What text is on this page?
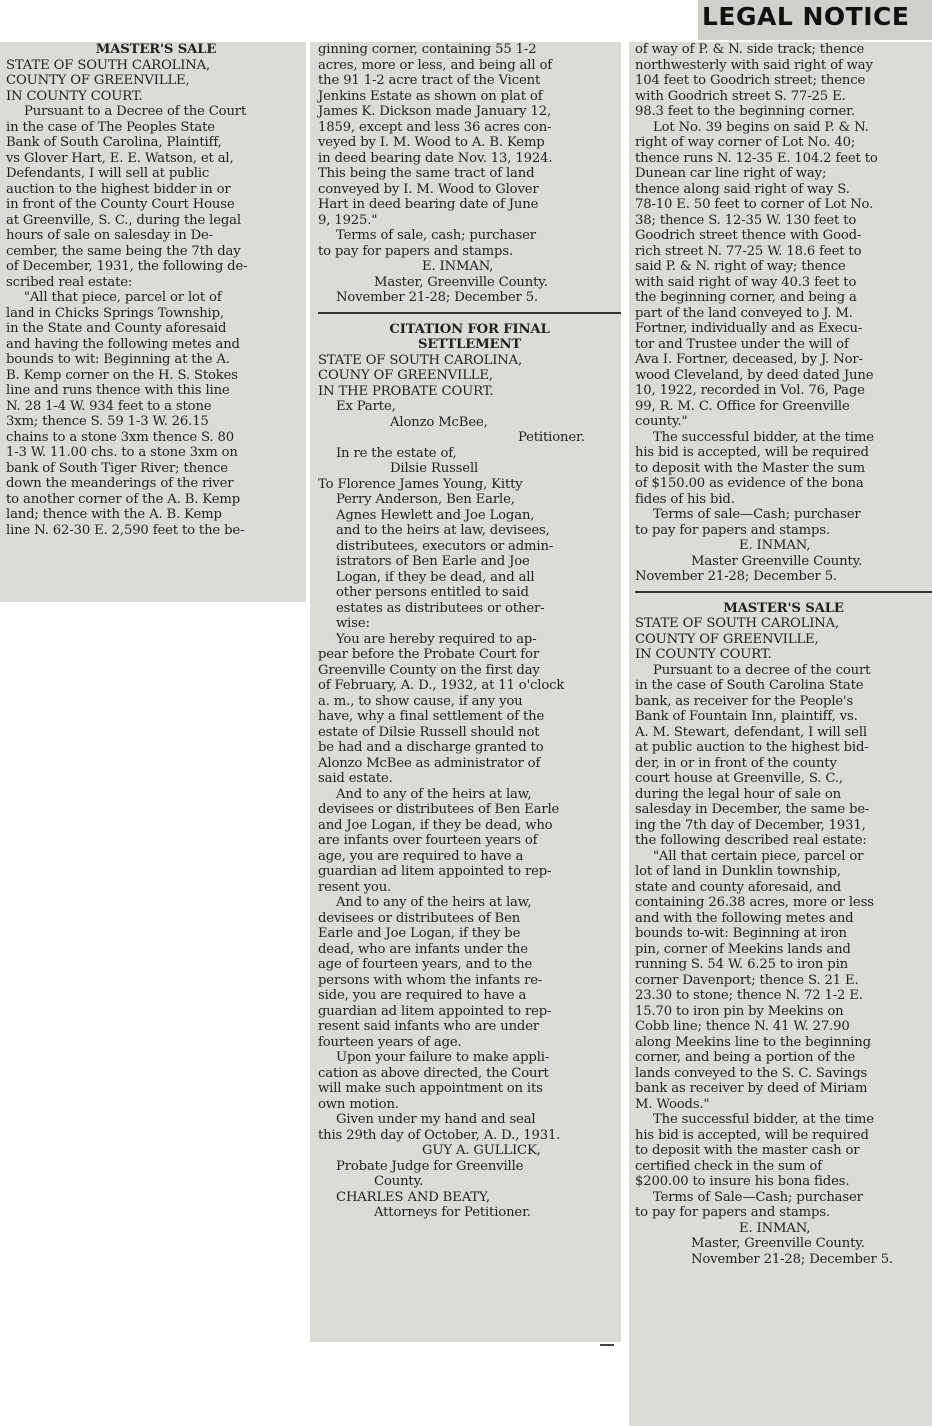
LEGAL NOTICE

MASTER'S SALE

STATE OF SOUTH CAROLINA,

COUNTY OF GREENVILLE,

IN COUNTY COURT.

Pursuant to a Decree of the Court

in the case of The Peoples State

Bank of South Carolina, Plaintiff,

vs Glover Hart, E. E. Watson, et al,

Defendants, I will sell at public

auction to the highest bidder in or

in front of the County Court House

at Greenville, S. C., during the legal

hours of sale on salesday in De-

cember, the same being the 7th day

of December, 1931, the following de-

scribed real estate:

"All that piece, parcel or lot of

land in Chicks Springs Township,

in the State and County aforesaid

and having the following metes and

bounds to wit: Beginning at the A.

B. Kemp corner on the H. S. Stokes

line and runs thence with this line

N. 28 1-4 W. 934 feet to a stone

3xm; thence S. 59 1-3 W. 26.15

chains to a stone 3xm thence S. 80

1-3 W. 11.00 chs. to a stone 3xm on

bank of South Tiger River; thence

down the meanderings of the river

to another corner of the A. B. Kemp

land; thence with the A. B. Kemp

line N. 62-30 E. 2,590 feet to the be-

ginning corner, containing 55 1-2

acres, more or less, and being all of

the 91 1-2 acre tract of the Vicent

Jenkins Estate as shown on plat of

James K. Dickson made January 12,

1859, except and less 36 acres con-

veyed by I. M. Wood to A. B. Kemp

in deed bearing date Nov. 13, 1924.

This being the same tract of land

conveyed by I. M. Wood to Glover

Hart in deed bearing date of June

9, 1925."

Terms of sale, cash; purchaser

to pay for papers and stamps.

E. INMAN,

Master, Greenville County.

November 21-28; December 5.

CITATION FOR FINAL

SETTLEMENT

STATE OF SOUTH CAROLINA,

COUNY OF GREENVILLE,

IN THE PROBATE COURT.

Ex Parte,

Alonzo McBee,

Petitioner.

In re the estate of,

Dilsie Russell

To Florence James Young, Kitty

Perry Anderson, Ben Earle,

Agnes Hewlett and Joe Logan,

and to the heirs at law, devisees,

distributees, executors or admin-

istrators of Ben Earle and Joe

Logan, if they be dead, and all

other persons entitled to said

estates as distributees or other-

wise:

You are hereby required to ap-

pear before the Probate Court for

Greenville County on the first day

of February, A. D., 1932, at 11 o'clock

a. m., to show cause, if any you

have, why a final settlement of the

estate of Dilsie Russell should not

be had and a discharge granted to

Alonzo McBee as administrator of

said estate.

And to any of the heirs at law,

devisees or distributees of Ben Earle

and Joe Logan, if they be dead, who

are infants over fourteen years of

age, you are required to have a

guardian ad litem appointed to rep-

resent you.

And to any of the heirs at law,

devisees or distributees of Ben

Earle and Joe Logan, if they be

dead, who are infants under the

age of fourteen years, and to the

persons with whom the infants re-

side, you are required to have a

guardian ad litem appointed to rep-

resent said infants who are under

fourteen years of age.

Upon your failure to make appli-

cation as above directed, the Court

will make such appointment on its

own motion.

Given under my hand and seal

this 29th day of October, A. D., 1931.

GUY A. GULLICK,

Probate Judge for Greenville

County.

CHARLES AND BEATY,

Attorneys for Petitioner.

of way of P. & N. side track; thence

northwesterly with said right of way

104 feet to Goodrich street; thence

with Goodrich street S. 77-25 E.

98.3 feet to the beginning corner.

Lot No. 39 begins on said P. & N.

right of way corner of Lot No. 40;

thence runs N. 12-35 E. 104.2 feet to

Dunean car line right of way;

thence along said right of way S.

78-10 E. 50 feet to corner of Lot No.

38; thence S. 12-35 W. 130 feet to

Goodrich street thence with Good-

rich street N. 77-25 W. 18.6 feet to

said P. & N. right of way; thence

with said right of way 40.3 feet to

the beginning corner, and being a

part of the land conveyed to J. M.

Fortner, individually and as Execu-

tor and Trustee under the will of

Ava I. Fortner, deceased, by J. Nor-

wood Cleveland, by deed dated June

10, 1922, recorded in Vol. 76, Page

99, R. M. C. Office for Greenville

county."

The successful bidder, at the time

his bid is accepted, will be required

to deposit with the Master the sum

of $150.00 as evidence of the bona

fides of his bid.

Terms of sale—Cash; purchaser

to pay for papers and stamps.

E. INMAN,

Master Greenville County.

November 21-28; December 5.

MASTER'S SALE

STATE OF SOUTH CAROLINA,

COUNTY OF GREENVILLE,

IN COUNTY COURT.

Pursuant to a decree of the court

in the case of South Carolina State

bank, as receiver for the People's

Bank of Fountain Inn, plaintiff, vs.

A. M. Stewart, defendant, I will sell

at public auction to the highest bid-

der, in or in front of the county

court house at Greenville, S. C.,

during the legal hour of sale on

salesday in December, the same be-

ing the 7th day of December, 1931,

the following described real estate:

"All that certain piece, parcel or

lot of land in Dunklin township,

state and county aforesaid, and

containing 26.38 acres, more or less

and with the following metes and

bounds to-wit: Beginning at iron

pin, corner of Meekins lands and

running S. 54 W. 6.25 to iron pin

corner Davenport; thence S. 21 E.

23.30 to stone; thence N. 72 1-2 E.

15.70 to iron pin by Meekins on

Cobb line; thence N. 41 W. 27.90

along Meekins line to the beginning

corner, and being a portion of the

lands conveyed to the S. C. Savings

bank as receiver by deed of Miriam

M. Woods."

The successful bidder, at the time

his bid is accepted, will be required

to deposit with the master cash or

certified check in the sum of

$200.00 to insure his bona fides.

Terms of Sale—Cash; purchaser

to pay for papers and stamps.

E. INMAN,

Master, Greenville County.

November 21-28; December 5.
